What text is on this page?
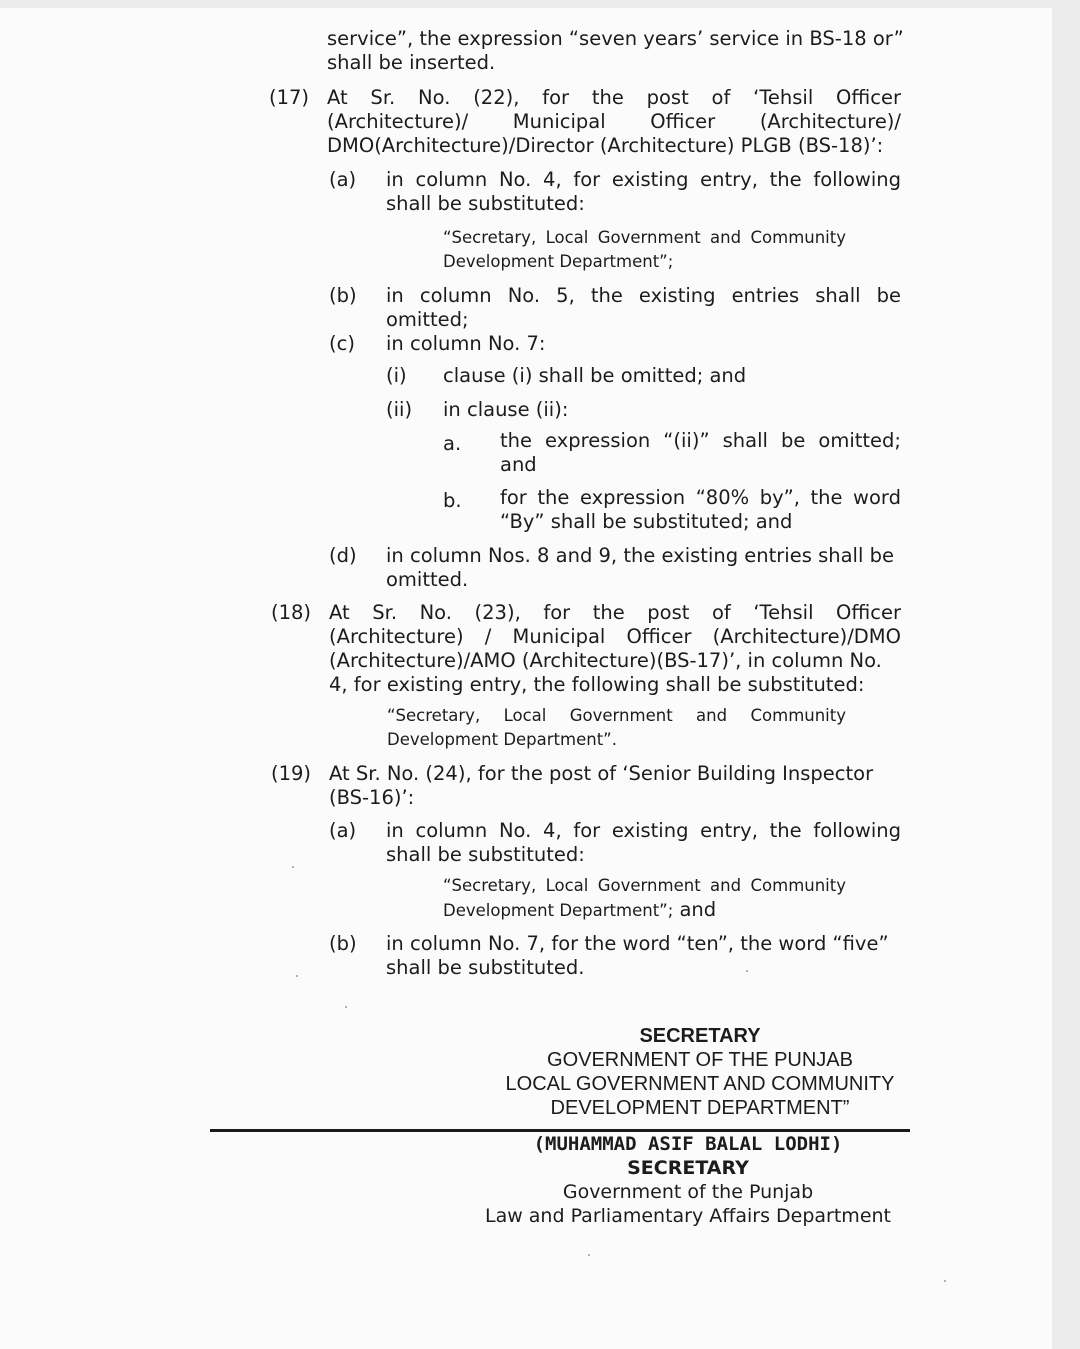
service”, the expression “seven years’ service in BS-18 or”
shall be inserted.
(17) At Sr. No. (22), for the post of ‘Tehsil Officer
(Architecture)/ Municipal Officer (Architecture)/
DMO(Architecture)/Director (Architecture) PLGB (BS-18)’:
(a) in column No. 4, for existing entry, the following
shall be substituted:
“Secretary, Local Government and Community
Development Department”;
(b) in column No. 5, the existing entries shall be
omitted;
(c) in column No. 7:
(i) clause (i) shall be omitted; and
(ii) in clause (ii):
a. the expression “(ii)” shall be omitted;
and
b. for the expression “80% by”, the word
“By” shall be substituted; and
(d) in column Nos. 8 and 9, the existing entries shall be
omitted.
(18) At Sr. No. (23), for the post of ‘Tehsil Officer
(Architecture) / Municipal Officer (Architecture)/DMO
(Architecture)/AMO (Architecture)(BS-17)’, in column No.
4, for existing entry, the following shall be substituted:
“Secretary, Local Government and Community
Development Department”.
(19) At Sr. No. (24), for the post of ‘Senior Building Inspector
(BS-16)’:
(a) in column No. 4, for existing entry, the following
shall be substituted:
“Secretary, Local Government and Community
Development Department”; and
(b) in column No. 7, for the word “ten”, the word “five”
shall be substituted.
SECRETARY
GOVERNMENT OF THE PUNJAB
LOCAL GOVERNMENT AND COMMUNITY
DEVELOPMENT DEPARTMENT”
(MUHAMMAD ASIF BALAL LODHI)
SECRETARY
Government of the Punjab
Law and Parliamentary Affairs Department
